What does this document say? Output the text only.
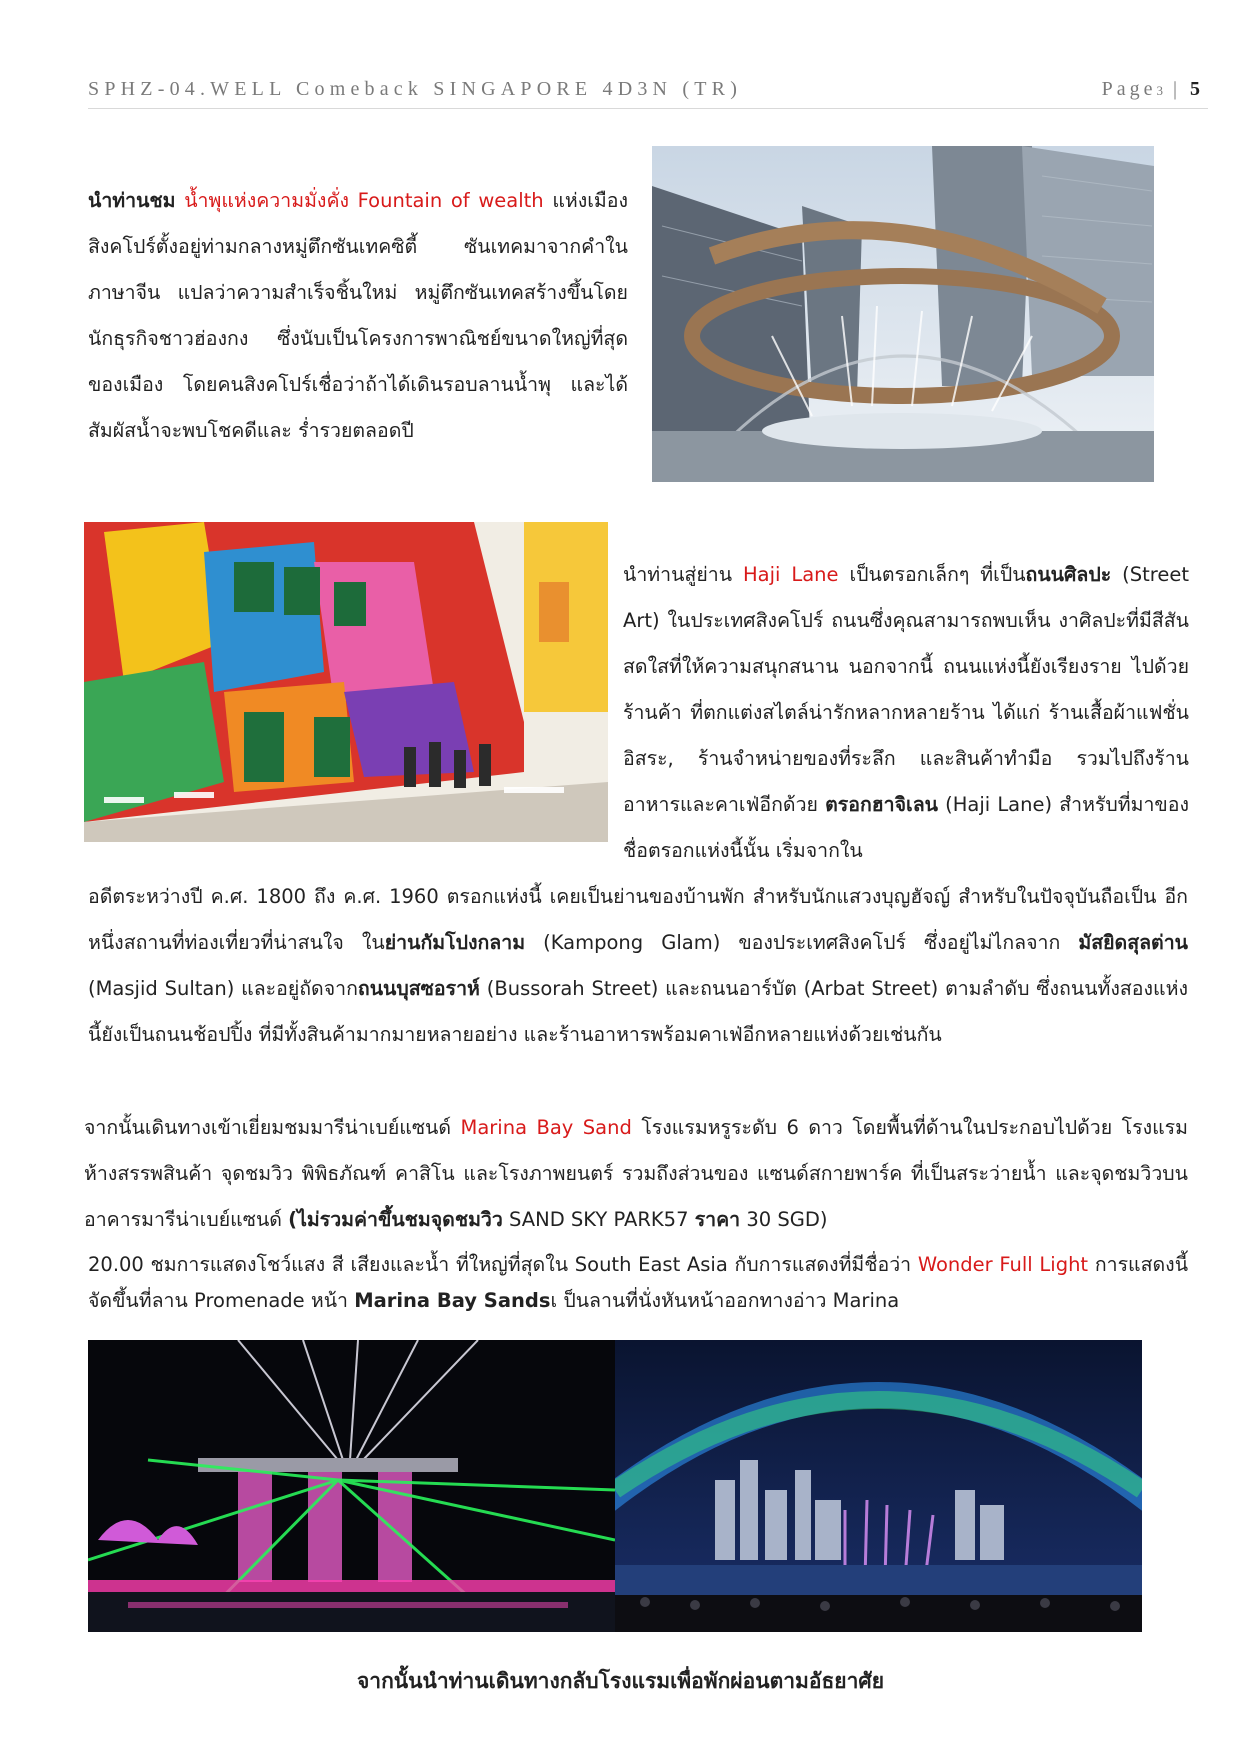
SPHZ-04.WELL Comeback SINGAPORE 4D3N (TR)	Page3 | 5
นำท่านชม น้ำพุแห่งความมั่งคั่ง Fountain of wealth แห่งเมืองสิงคโปร์ตั้งอยู่ท่ามกลางหมู่ตึกซันเทคซิตี้ ซันเทคมาจากคำในภาษาจีน แปลว่าความสำเร็จชิ้นใหม่ หมู่ตึกซันเทคสร้างขึ้นโดยนักธุรกิจชาวฮ่องกง ซึ่งนับเป็นโครงการพาณิชย์ขนาดใหญ่ที่สุดของเมือง โดยคนสิงคโปร์เชื่อว่าถ้าได้เดินรอบลานน้ำพุ และได้สัมผัสน้ำจะพบโชคดีและ ร่ำรวยตลอดปี
นำท่านสู่ย่าน Haji Lane เป็นตรอกเล็กๆ ที่เป็นถนนศิลปะ (Street Art) ในประเทศสิงคโปร์ ถนนซึ่งคุณสามารถพบเห็น งาศิลปะที่มีสีสันสดใสที่ให้ความสนุกสนาน นอกจากนี้ ถนนแห่งนี้ยังเรียงราย ไปด้วยร้านค้า ที่ตกแต่งสไตล์น่ารักหลากหลายร้าน ได้แก่ ร้านเสื้อผ้าแฟชั่นอิสระ, ร้านจำหน่ายของที่ระลึก และสินค้าทำมือ รวมไปถึงร้านอาหารและคาเฟ่อีกด้วย ตรอกฮาจิเลน (Haji Lane) สำหรับที่มาของชื่อตรอกแห่งนี้นั้น เริ่มจากใน
อดีตระหว่างปี ค.ศ. 1800 ถึง ค.ศ. 1960 ตรอกแห่งนี้ เคยเป็นย่านของบ้านพัก สำหรับนักแสวงบุญฮัจญ์ สำหรับในปัจจุบันถือเป็น อีกหนึ่งสถานที่ท่องเที่ยวที่น่าสนใจ ในย่านกัมโปงกลาม (Kampong Glam) ของประเทศสิงคโปร์ ซึ่งอยู่ไม่ไกลจาก มัสยิดสุลต่าน (Masjid Sultan) และอยู่ถัดจากถนนบุสซอราห์ (Bussorah Street) และถนนอาร์บัต (Arbat Street) ตามลำดับ ซึ่งถนนทั้งสองแห่งนี้ยังเป็นถนนช้อปปิ้ง ที่มีทั้งสินค้ามากมายหลายอย่าง และร้านอาหารพร้อมคาเฟ่อีกหลายแห่งด้วยเช่นกัน
จากนั้นเดินทางเข้าเยี่ยมชมมารีน่าเบย์แซนด์ Marina Bay Sand โรงแรมหรูระดับ 6 ดาว โดยพื้นที่ด้านในประกอบไปด้วย โรงแรม ห้างสรรพสินค้า จุดชมวิว พิพิธภัณฑ์ คาสิโน และโรงภาพยนตร์ รวมถึงส่วนของ แซนด์สกายพาร์ค ที่เป็นสระว่ายน้ำ และจุดชมวิวบนอาคารมารีน่าเบย์แซนด์ (ไม่รวมค่าขึ้นชมจุดชมวิว SAND SKY PARK57 ราคา 30 SGD)
20.00 ชมการแสดงโชว์แสง สี เสียงและน้ำ ที่ใหญ่ที่สุดใน South East Asia กับการแสดงที่มีชื่อว่า Wonder Full Light การแสดงนี้ จัดขึ้นที่ลาน Promenade หน้า Marina Bay Sandsเ ป็นลานที่นั่งหันหน้าออกทางอ่าว Marina
จากนั้นนำท่านเดินทางกลับโรงแรมเพื่อพักผ่อนตามอัธยาศัย
